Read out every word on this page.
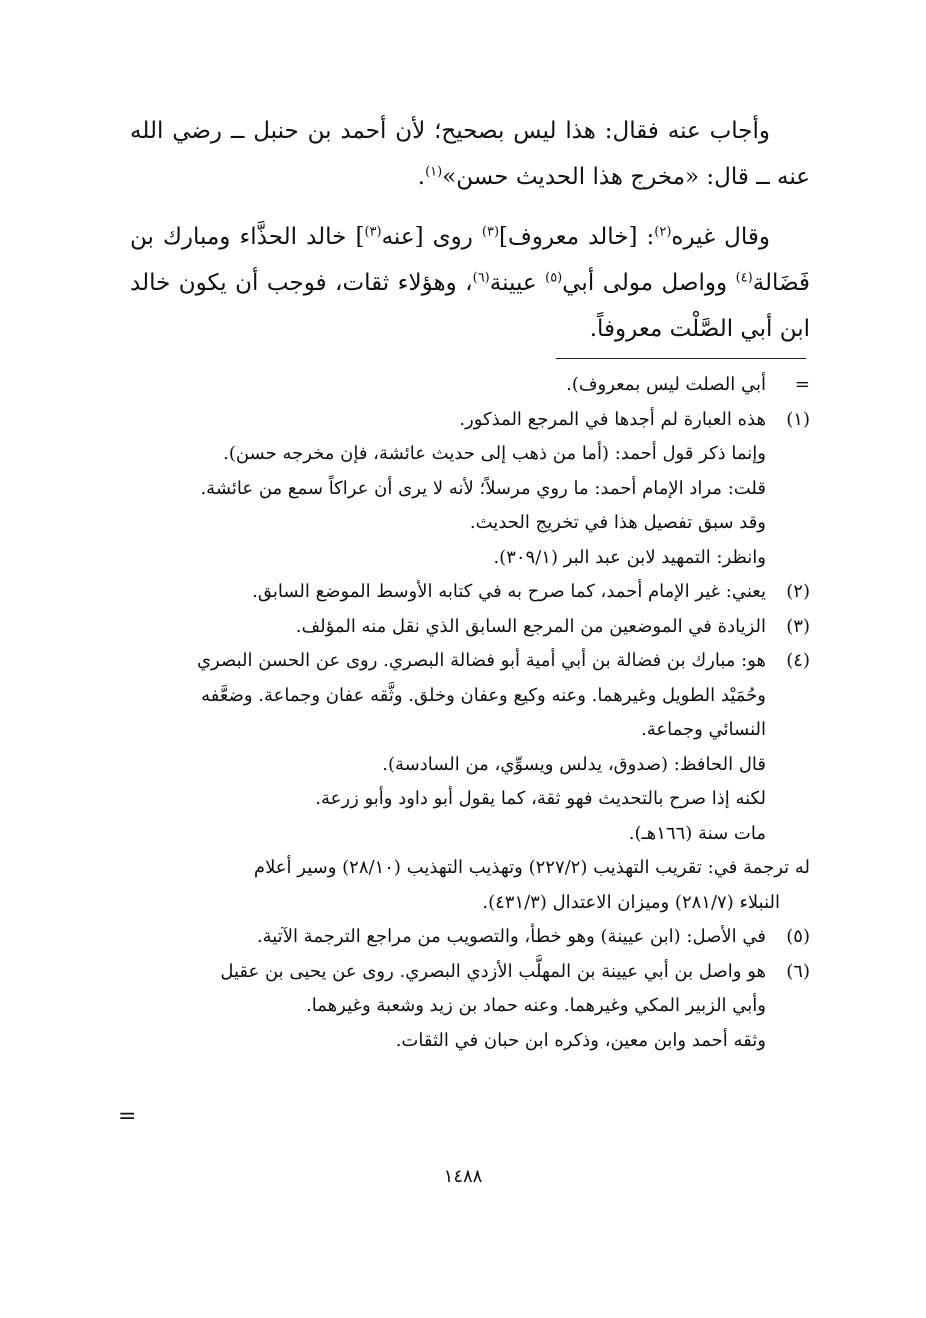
وأجاب عنه فقال: هذا ليس بصحيح؛ لأن أحمد بن حنبل ــ رضي الله عنه ــ قال: «مخرج هذا الحديث حسن»$^{(١)}$.

وقال غيره$^{(٢)}$: [خالد معروف]$^{(٣)}$ روى [عنه$^{(٣)}$] خالد الحذَّاء ومبارك بن فَضَالة$^{(٤)}$ وواصل مولى أبي$^{(٥)}$ عيينة$^{(٦)}$، وهؤلاء ثقات، فوجب أن يكون خالد ابن أبي الصَّلْت معروفاً.

=
أبي الصلت ليس بمعروف).
(١)
هذه العبارة لم أجدها في المرجع المذكور.
وإنما ذكر قول أحمد: (أما من ذهب إلى حديث عائشة، فإن مخرجه حسن).
قلت: مراد الإمام أحمد: ما روي مرسلاً؛ لأنه لا يرى أن عراكاً سمع من عائشة.
وقد سبق تفصيل هذا في تخريج الحديث.
وانظر: التمهيد لابن عبد البر (٣٠٩/١).
(٢)
يعني: غير الإمام أحمد، كما صرح به في كتابه الأوسط الموضع السابق.
(٣)
الزيادة في الموضعين من المرجع السابق الذي نقل منه المؤلف.
(٤)
هو: مبارك بن فضالة بن أبي أمية أبو فضالة البصري. روى عن الحسن البصري
وحُمَيْد الطويل وغيرهما. وعنه وكيع وعفان وخلق. وثَّقه عفان وجماعة. وضعَّفه
النسائي وجماعة.
قال الحافظ: (صدوق، يدلس ويسوِّي، من السادسة).
لكنه إذا صرح بالتحديث فهو ثقة، كما يقول أبو داود وأبو زرعة.
مات سنة (١٦٦هـ).
له ترجمة في: تقريب التهذيب (٢٢٧/٢) وتهذيب التهذيب (٢٨/١٠) وسير أعلام
النبلاء (٢٨١/٧) وميزان الاعتدال (٤٣١/٣).
(٥)
في الأصل: (ابن عيينة) وهو خطأ، والتصويب من مراجع الترجمة الآتية.
(٦)
هو واصل بن أبي عيينة بن المهلَّب الأزدي البصري. روى عن يحيى بن عقيل
وأبي الزبير المكي وغيرهما. وعنه حماد بن زيد وشعبة وغيرهما.
وثقه أحمد وابن معين، وذكره ابن حبان في الثقات.
=
١٤٨٨
